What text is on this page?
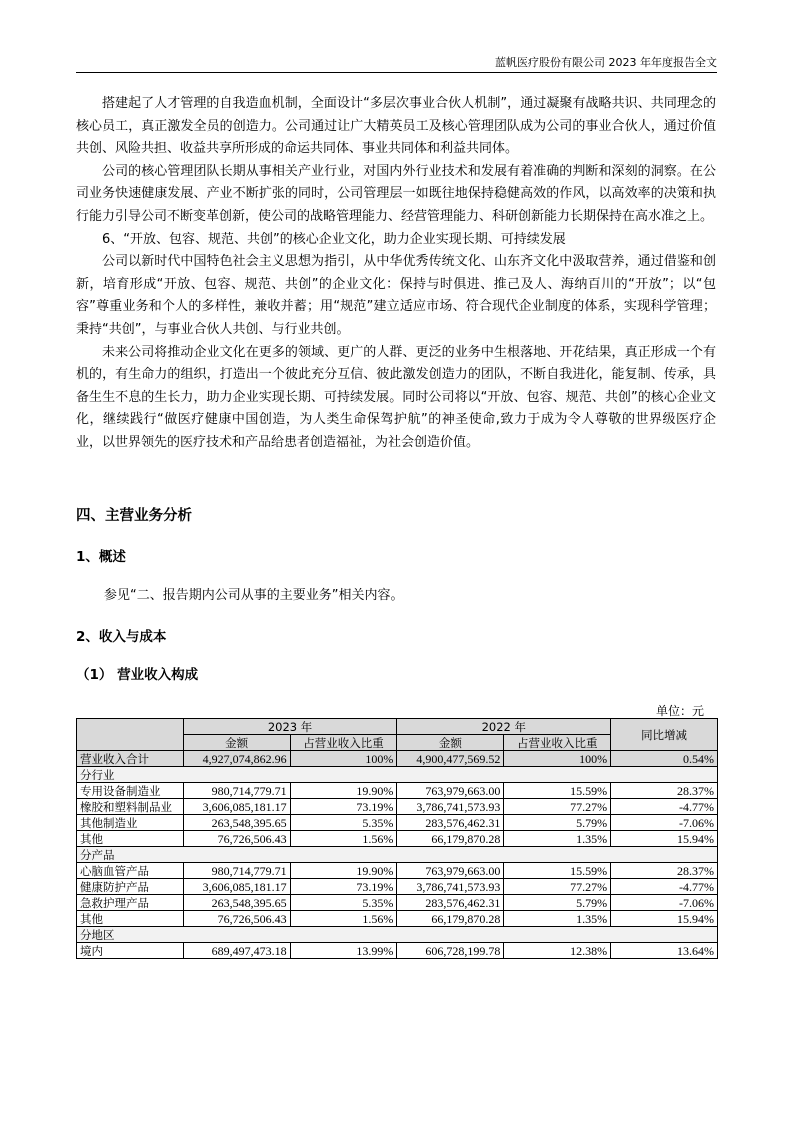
蓝帆医疗股份有限公司 2023 年年度报告全文

搭建起了人才管理的自我造血机制，全面设计“多层次事业合伙人机制”，通过凝聚有战略共识、共同理念的核心员工，真正激发全员的创造力。公司通过让广大精英员工及核心管理团队成为公司的事业合伙人，通过价值共创、风险共担、收益共享所形成的命运共同体、事业共同体和利益共同体。

公司的核心管理团队长期从事相关产业行业，对国内外行业技术和发展有着准确的判断和深刻的洞察。在公司业务快速健康发展、产业不断扩张的同时，公司管理层一如既往地保持稳健高效的作风，以高效率的决策和执行能力引导公司不断变革创新，使公司的战略管理能力、经营管理能力、科研创新能力长期保持在高水准之上。

6、“开放、包容、规范、共创”的核心企业文化，助力企业实现长期、可持续发展

公司以新时代中国特色社会主义思想为指引，从中华优秀传统文化、山东齐文化中汲取营养，通过借鉴和创新，培育形成“开放、包容、规范、共创”的企业文化：保持与时俱进、推己及人、海纳百川的“开放”；以“包容”尊重业务和个人的多样性，兼收并蓄；用“规范”建立适应市场、符合现代企业制度的体系，实现科学管理；秉持“共创”，与事业合伙人共创、与行业共创。

未来公司将推动企业文化在更多的领域、更广的人群、更泛的业务中生根落地、开花结果，真正形成一个有机的，有生命力的组织，打造出一个彼此充分互信、彼此激发创造力的团队，不断自我进化，能复制、传承，具备生生不息的生长力，助力企业实现长期、可持续发展。同时公司将以“开放、包容、规范、共创”的核心企业文化，继续践行“做医疗健康中国创造，为人类生命保驾护航”的神圣使命,致力于成为令人尊敬的世界级医疗企业，以世界领先的医疗技术和产品给患者创造福祉，为社会创造价值。

四、主营业务分析
1、概述

参见“二、报告期内公司从事的主要业务”相关内容。

2、收入与成本
（1） 营业收入构成
单位：元
	2023 年		2022 年		同比增减
	金额	占营业收入比重	金额	占营业收入比重	
营业收入合计	4,927,074,862.96	100%	4,900,477,569.52	100%	0.54%
分行业					
专用设备制造业	980,714,779.71	19.90%	763,979,663.00	15.59%	28.37%
橡胶和塑料制品业	3,606,085,181.17	73.19%	3,786,741,573.93	77.27%	-4.77%
其他制造业	263,548,395.65	5.35%	283,576,462.31	5.79%	-7.06%
其他	76,726,506.43	1.56%	66,179,870.28	1.35%	15.94%
分产品					
心脑血管产品	980,714,779.71	19.90%	763,979,663.00	15.59%	28.37%
健康防护产品	3,606,085,181.17	73.19%	3,786,741,573.93	77.27%	-4.77%
急救护理产品	263,548,395.65	5.35%	283,576,462.31	5.79%	-7.06%
其他	76,726,506.43	1.56%	66,179,870.28	1.35%	15.94%
分地区					
境内	689,497,473.18	13.99%	606,728,199.78	12.38%	13.64%
